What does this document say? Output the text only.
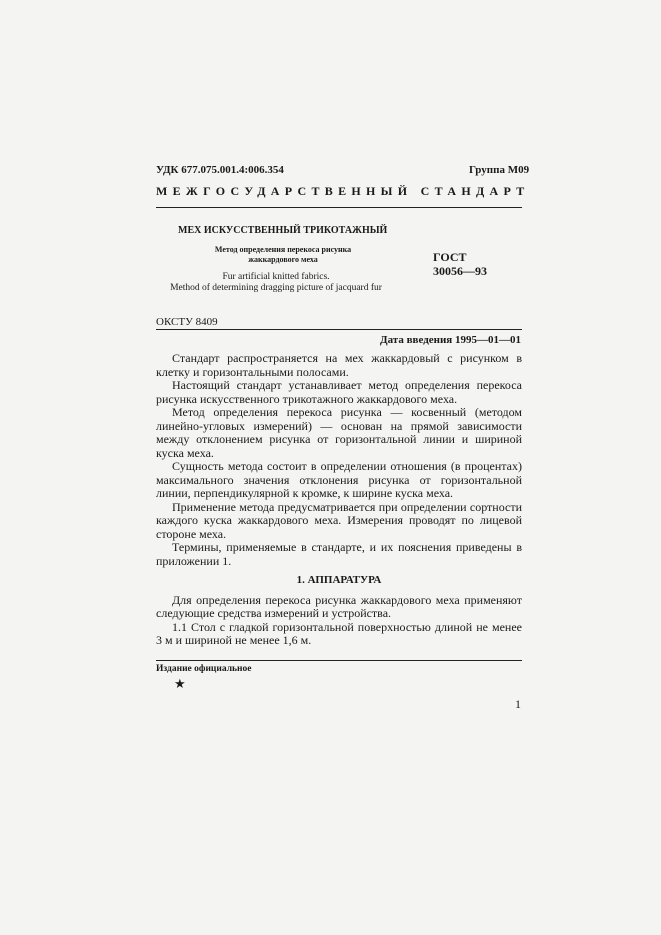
УДК 677.075.001.4:006.354	Группа М09
МЕЖГОСУДАРСТВЕННЫЙ СТАНДАРТ
МЕХ ИСКУССТВЕННЫЙ ТРИКОТАЖНЫЙ
Метод определения перекоса рисунка
жаккардового меха	ГОСТ
30056—93
Fur artificial knitted fabrics.
Method of determining dragging picture of jacquard fur
ОКСТУ 8409
Дата введения 1995—01—01

Стандарт распространяется на мех жаккардовый с рисунком в клетку и горизонтальными полосами.

Настоящий стандарт устанавливает метод определения перекоса рисунка искусственного трикотажного жаккардового меха.

Метод определения перекоса рисунка — косвенный (методом линейно-угловых измерений) — основан на прямой зависимости между отклонением рисунка от горизонтальной линии и шириной куска меха.

Сущность метода состоит в определении отношения (в процентах) максимального значения отклонения рисунка от горизонтальной линии, перпендикулярной к кромке, к ширине куска меха.

Применение метода предусматривается при определении сортности каждого куска жаккардового меха. Измерения проводят по лицевой стороне меха.

Термины, применяемые в стандарте, и их пояснения приведены в приложении 1.

1. АППАРАТУРА

Для определения перекоса рисунка жаккардового меха применяют следующие средства измерений и устройства.

1.1 Стол с гладкой горизонтальной поверхностью длиной не менее 3 м и шириной не менее 1,6 м.

Издание официальное
★
1
